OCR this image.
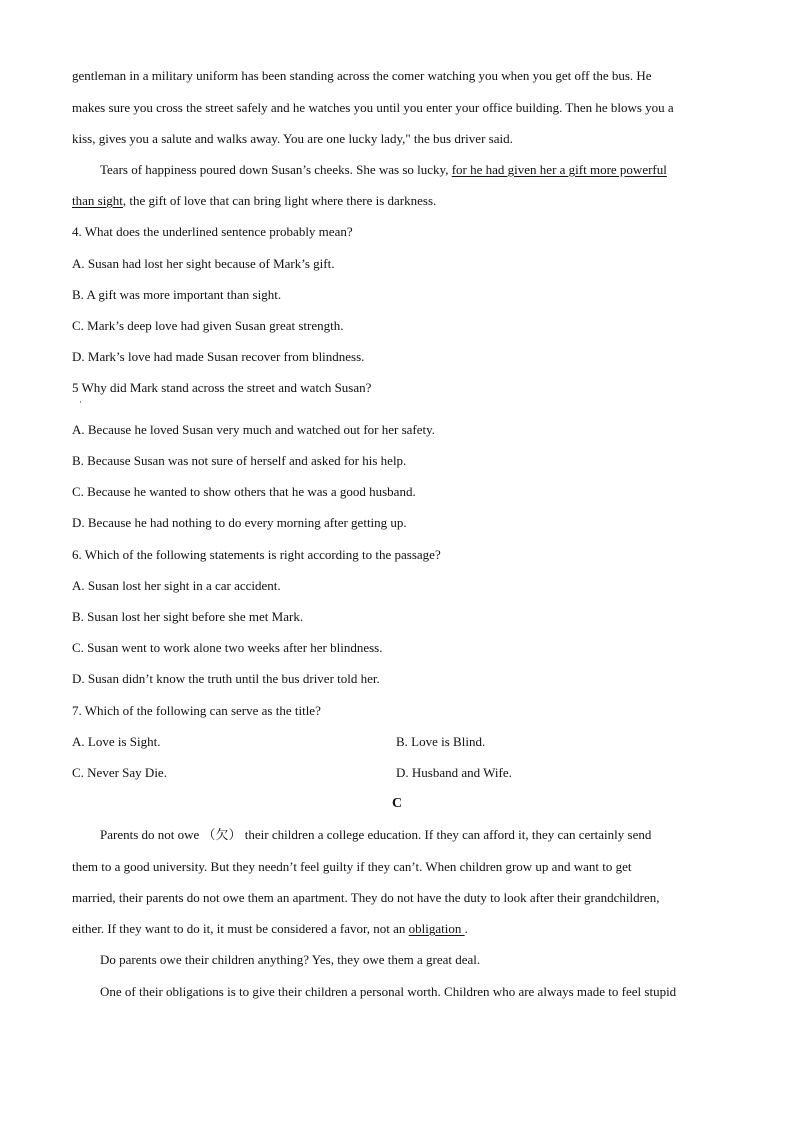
gentleman in a military uniform has been standing across the comer watching you when you get off the bus. He
makes sure you cross the street safely and he watches you until you enter your office building. Then he blows you a
kiss, gives you a salute and walks away. You are one lucky lady," the bus driver said.
Tears of happiness poured down Susan’s cheeks. She was so lucky, for he had given her a gift more powerful
than sight, the gift of love that can bring light where there is darkness.
4. What does the underlined sentence probably mean?
A. Susan had lost her sight because of Mark’s gift.
B. A gift was more important than sight.
C. Mark’s deep love had given Susan great strength.
D. Mark’s love had made Susan recover from blindness.
5 Why did Mark stand across the street and watch Susan?
·
A. Because he loved Susan very much and watched out for her safety.
B. Because Susan was not sure of herself and asked for his help.
C. Because he wanted to show others that he was a good husband.
D. Because he had nothing to do every morning after getting up.
6. Which of the following statements is right according to the passage?
A. Susan lost her sight in a car accident.
B. Susan lost her sight before she met Mark.
C. Susan went to work alone two weeks after her blindness.
D. Susan didn’t know the truth until the bus driver told her.
7. Which of the following can serve as the title?
A. Love is Sight.	B. Love is Blind.
C. Never Say Die.	D. Husband and Wife.
C
Parents do not owe （欠） their children a college education. If they can afford it, they can certainly send
them to a good university. But they needn’t feel guilty if they can’t. When children grow up and want to get
married, their parents do not owe them an apartment. They do not have the duty to look after their grandchildren,
either. If they want to do it, it must be considered a favor, not an obligation .
Do parents owe their children anything? Yes, they owe them a great deal.
One of their obligations is to give their children a personal worth. Children who are always made to feel stupid
